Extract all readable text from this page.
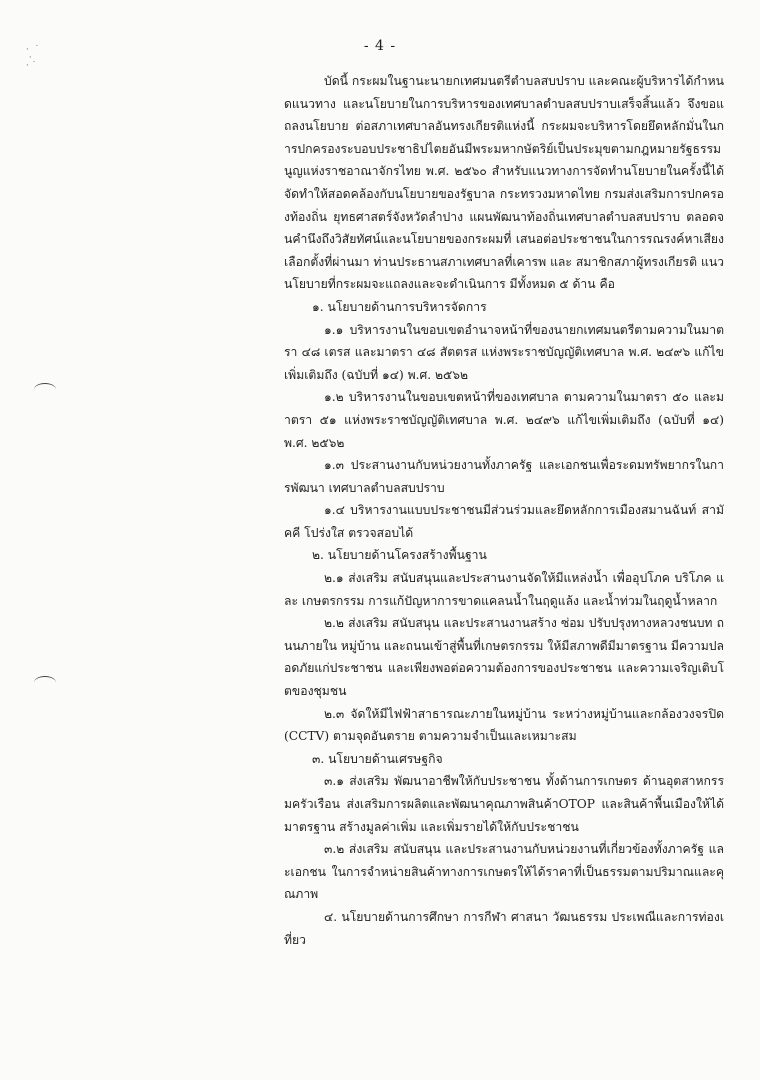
·  ˙
·
· ˙
- 4 -

บัดนี้ กระผมในฐานะนายกเทศมนตรีตำบลสบปราบ และคณะผู้บริหารได้กำหนดแนวทาง และนโยบายในการบริหารของเทศบาลตำบลสบปราบเสร็จสิ้นแล้ว จึงขอแถลงนโยบาย ต่อสภาเทศบาลอันทรงเกียรติแห่งนี้ กระผมจะบริหารโดยยึดหลักมั่นในการปกครองระบอบประชาธิปไตยอันมีพระมหากษัตริย์เป็นประมุขตามกฎหมายรัฐธรรมนูญแห่งราชอาณาจักรไทย พ.ศ. ๒๕๖๐ สำหรับแนวทางการจัดทำนโยบายในครั้งนี้ได้จัดทำให้สอดคล้องกับนโยบายของรัฐบาล กระทรวงมหาดไทย กรมส่งเสริมการปกครองท้องถิ่น ยุทธศาสตร์จังหวัดลำปาง แผนพัฒนาท้องถิ่นเทศบาลตำบลสบปราบ ตลอดจนคำนึงถึงวิสัยทัศน์และนโยบายของกระผมที่ เสนอต่อประชาชนในการรณรงค์หาเสียงเลือกตั้งที่ผ่านมา ท่านประธานสภาเทศบาลที่เคารพ และ สมาชิกสภาผู้ทรงเกียรติ แนวนโยบายที่กระผมจะแถลงและจะดำเนินการ มีทั้งหมด ๕ ด้าน คือ

๑. นโยบายด้านการบริหารจัดการ

๑.๑ บริหารงานในขอบเขตอำนาจหน้าที่ของนายกเทศมนตรีตามความในมาตรา ๔๘ เตรส และมาตรา ๔๘ สัตตรส แห่งพระราชบัญญัติเทศบาล พ.ศ. ๒๔๙๖ แก้ไขเพิ่มเติมถึง (ฉบับที่ ๑๔) พ.ศ. ๒๕๖๒

๑.๒ บริหารงานในขอบเขตหน้าที่ของเทศบาล ตามความในมาตรา ๕๐ และมาตรา ๕๑ แห่งพระราชบัญญัติเทศบาล พ.ศ. ๒๔๙๖ แก้ไขเพิ่มเติมถึง (ฉบับที่ ๑๔) พ.ศ. ๒๕๖๒

๑.๓ ประสานงานกับหน่วยงานทั้งภาครัฐ และเอกชนเพื่อระดมทรัพยากรในการพัฒนา เทศบาลตำบลสบปราบ

๑.๔ บริหารงานแบบประชาชนมีส่วนร่วมและยึดหลักการเมืองสมานฉันท์ สามัคคี โปร่งใส ตรวจสอบได้

๒. นโยบายด้านโครงสร้างพื้นฐาน

๒.๑ ส่งเสริม สนับสนุนและประสานงานจัดให้มีแหล่งน้ำ เพื่ออุปโภค บริโภค และ เกษตรกรรม การแก้ปัญหาการขาดแคลนน้ำในฤดูแล้ง และน้ำท่วมในฤดูน้ำหลาก

๒.๒ ส่งเสริม สนับสนุน และประสานงานสร้าง ซ่อม ปรับปรุงทางหลวงชนบท ถนนภายใน หมู่บ้าน และถนนเข้าสู่พื้นที่เกษตรกรรม ให้มีสภาพดีมีมาตรฐาน มีความปลอดภัยแก่ประชาชน และเพียงพอต่อความต้องการของประชาชน และความเจริญเติบโตของชุมชน

๒.๓ จัดให้มีไฟฟ้าสาธารณะภายในหมู่บ้าน ระหว่างหมู่บ้านและกล้องวงจรปิด (CCTV) ตามจุดอันตราย ตามความจำเป็นและเหมาะสม

๓. นโยบายด้านเศรษฐกิจ

๓.๑ ส่งเสริม พัฒนาอาชีพให้กับประชาชน ทั้งด้านการเกษตร ด้านอุตสาหกรรมครัวเรือน ส่งเสริมการผลิตและพัฒนาคุณภาพสินค้าOTOP และสินค้าพื้นเมืองให้ได้มาตรฐาน สร้างมูลค่าเพิ่ม และเพิ่มรายได้ให้กับประชาชน

๓.๒ ส่งเสริม สนับสนุน และประสานงานกับหน่วยงานที่เกี่ยวข้องทั้งภาครัฐ และเอกชน ในการจำหน่ายสินค้าทางการเกษตรให้ได้ราคาที่เป็นธรรมตามปริมาณและคุณภาพ

๔. นโยบายด้านการศึกษา การกีฬา ศาสนา วัฒนธรรม ประเพณีและการท่องเที่ยว
